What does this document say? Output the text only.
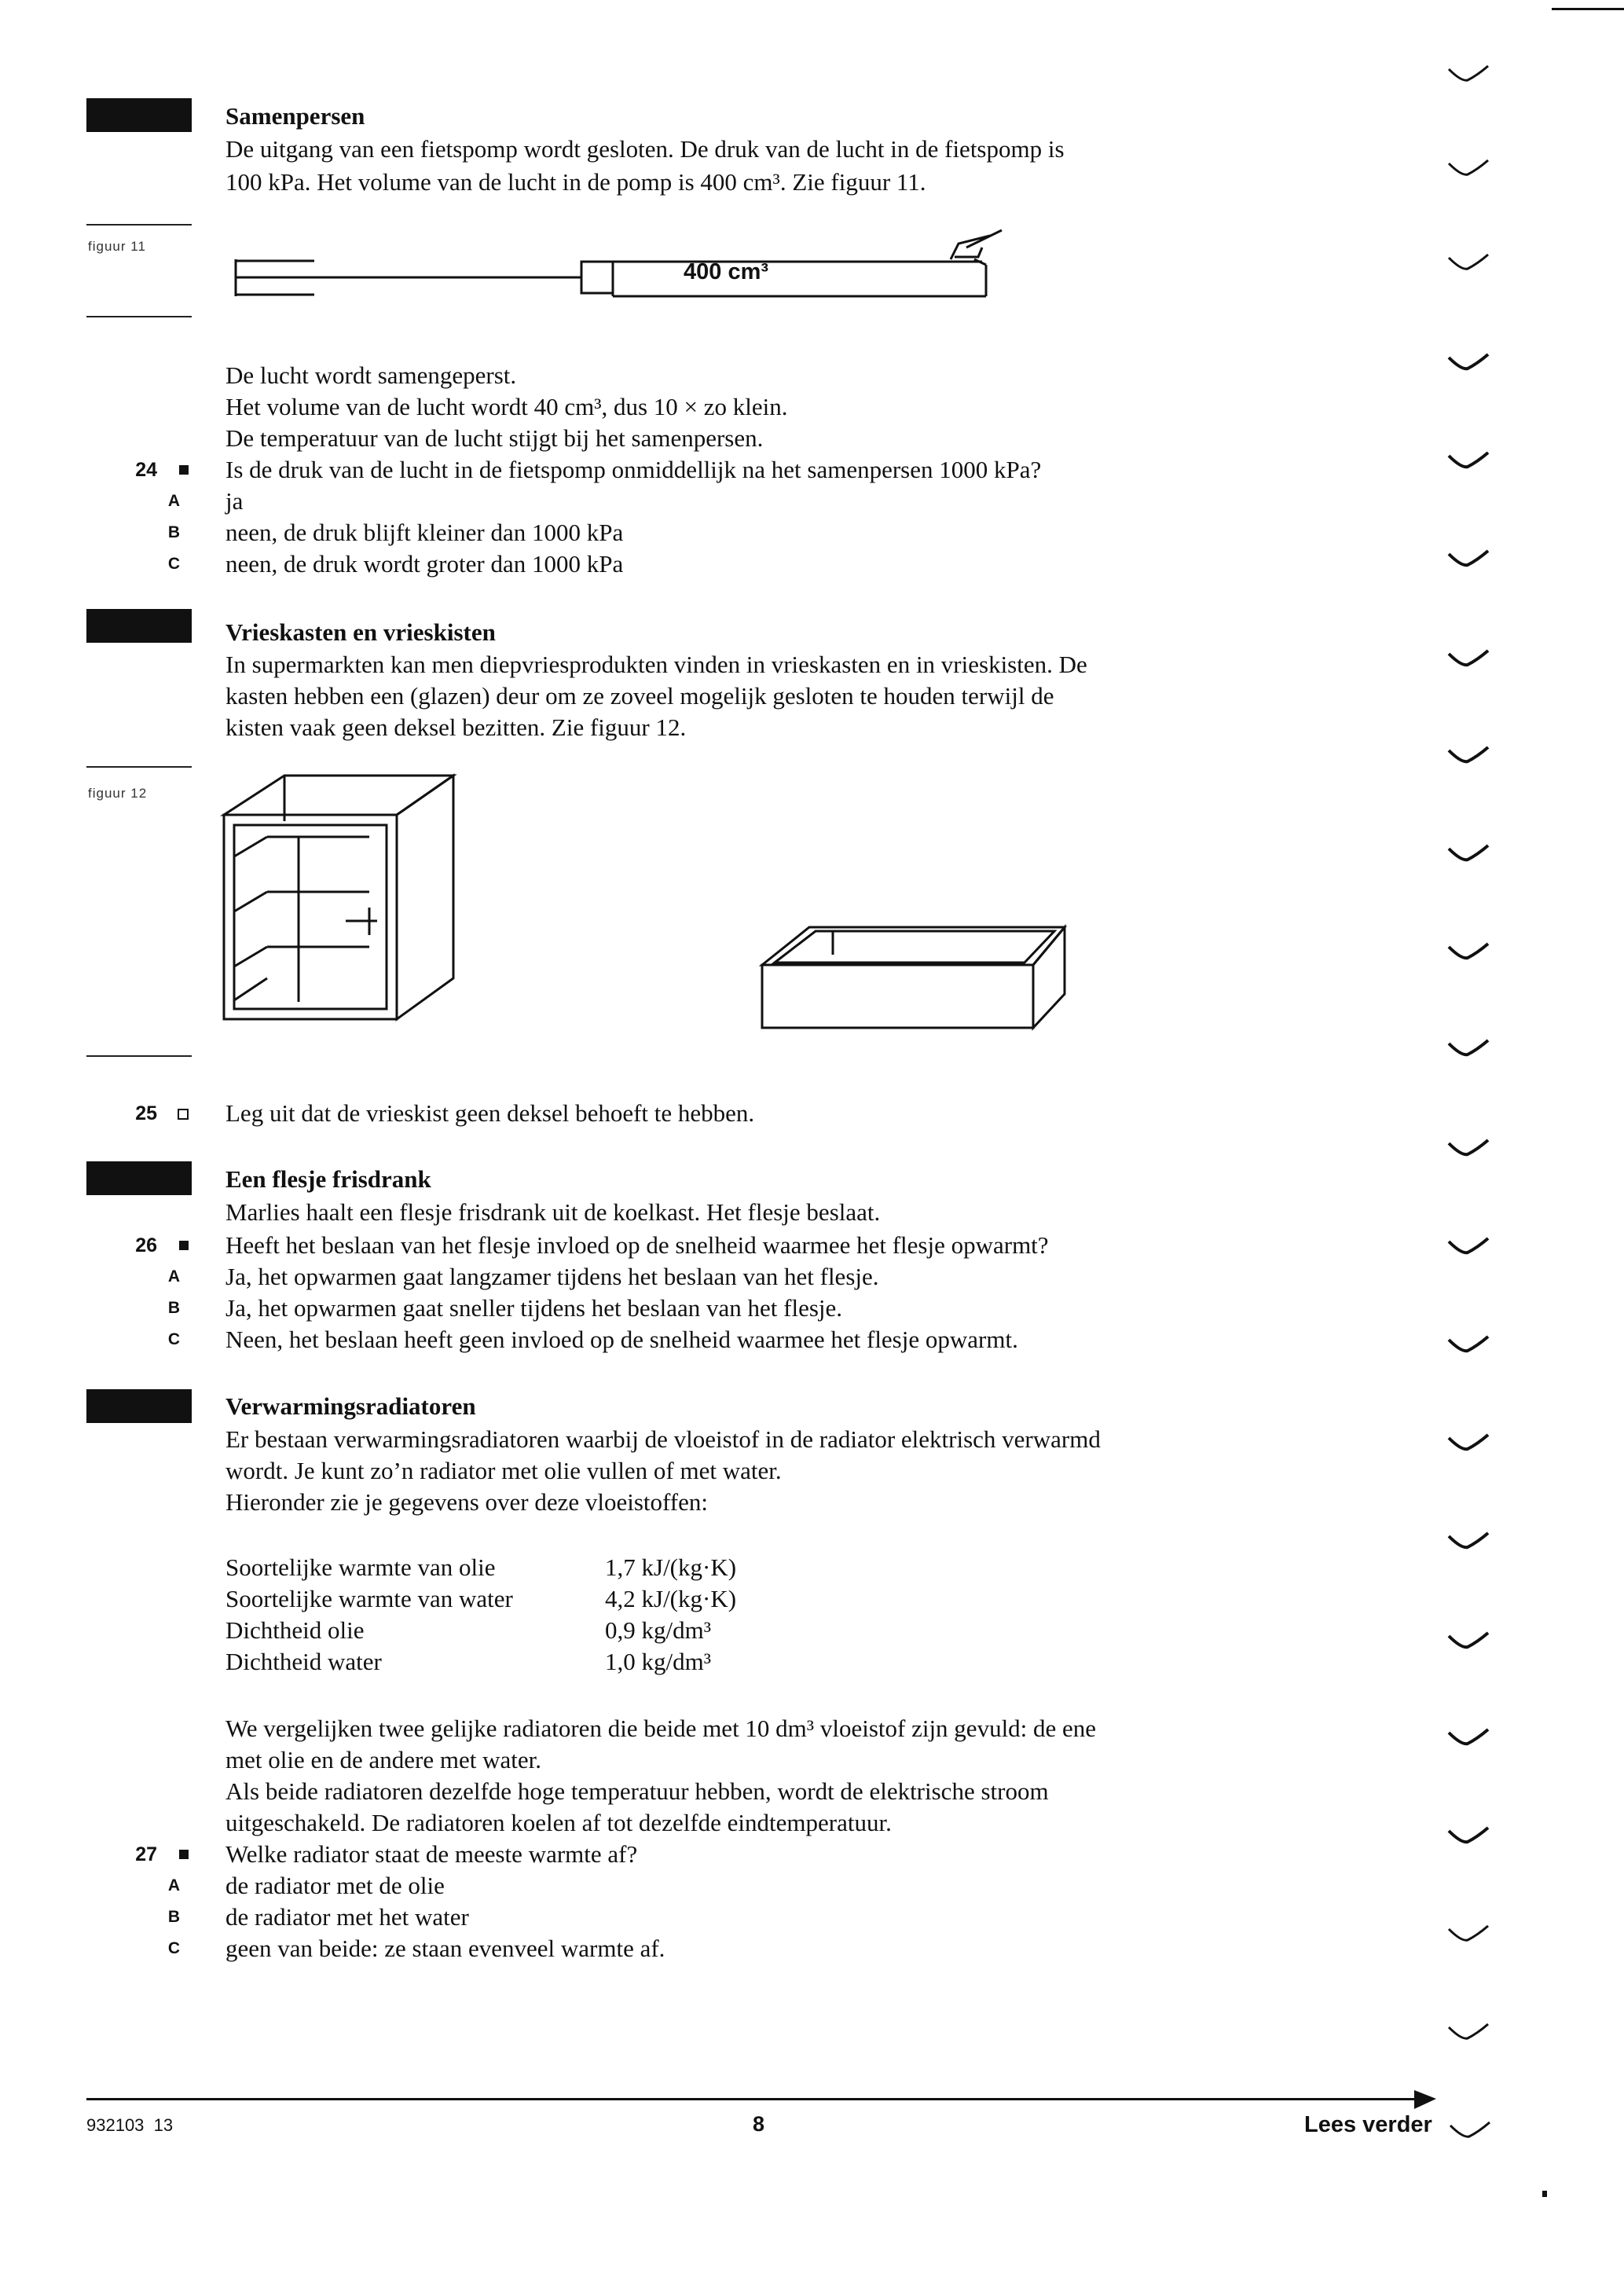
Samenpersen
De uitgang van een fietspomp wordt gesloten. De druk van de lucht in de fietspomp is
100 kPa. Het volume van de lucht in de pomp is 400 cm³. Zie figuur 11.
figuur 11
400 cm³
De lucht wordt samengeperst.
Het volume van de lucht wordt 40 cm³, dus 10 × zo klein.
De temperatuur van de lucht stijgt bij het samenpersen.
24	Is de druk van de lucht in de fietspomp onmiddellijk na het samenpersen 1000 kPa?
A ja
B neen, de druk blijft kleiner dan 1000 kPa
C neen, de druk wordt groter dan 1000 kPa
Vrieskasten en vrieskisten
In supermarkten kan men diepvriesprodukten vinden in vrieskasten en in vrieskisten. De
kasten hebben een (glazen) deur om ze zoveel mogelijk gesloten te houden terwijl de
kisten vaak geen deksel bezitten. Zie figuur 12.
figuur 12
25	Leg uit dat de vrieskist geen deksel behoeft te hebben.
Een flesje frisdrank
Marlies haalt een flesje frisdrank uit de koelkast. Het flesje beslaat.
26	Heeft het beslaan van het flesje invloed op de snelheid waarmee het flesje opwarmt?
A Ja, het opwarmen gaat langzamer tijdens het beslaan van het flesje.
B Ja, het opwarmen gaat sneller tijdens het beslaan van het flesje.
C Neen, het beslaan heeft geen invloed op de snelheid waarmee het flesje opwarmt.
Verwarmingsradiatoren
Er bestaan verwarmingsradiatoren waarbij de vloeistof in de radiator elektrisch verwarmd
wordt. Je kunt zo’n radiator met olie vullen of met water.
Hieronder zie je gegevens over deze vloeistoffen:
Soortelijke warmte van olie	1,7 kJ/(kg·K)
Soortelijke warmte van water	4,2 kJ/(kg·K)
Dichtheid olie	0,9 kg/dm³
Dichtheid water	1,0 kg/dm³
We vergelijken twee gelijke radiatoren die beide met 10 dm³ vloeistof zijn gevuld: de ene
met olie en de andere met water.
Als beide radiatoren dezelfde hoge temperatuur hebben, wordt de elektrische stroom
uitgeschakeld. De radiatoren koelen af tot dezelfde eindtemperatuur.
27	Welke radiator staat de meeste warmte af?
A de radiator met de olie
B de radiator met het water
C geen van beide: ze staan evenveel warmte af.
932103  13	8	Lees verder
